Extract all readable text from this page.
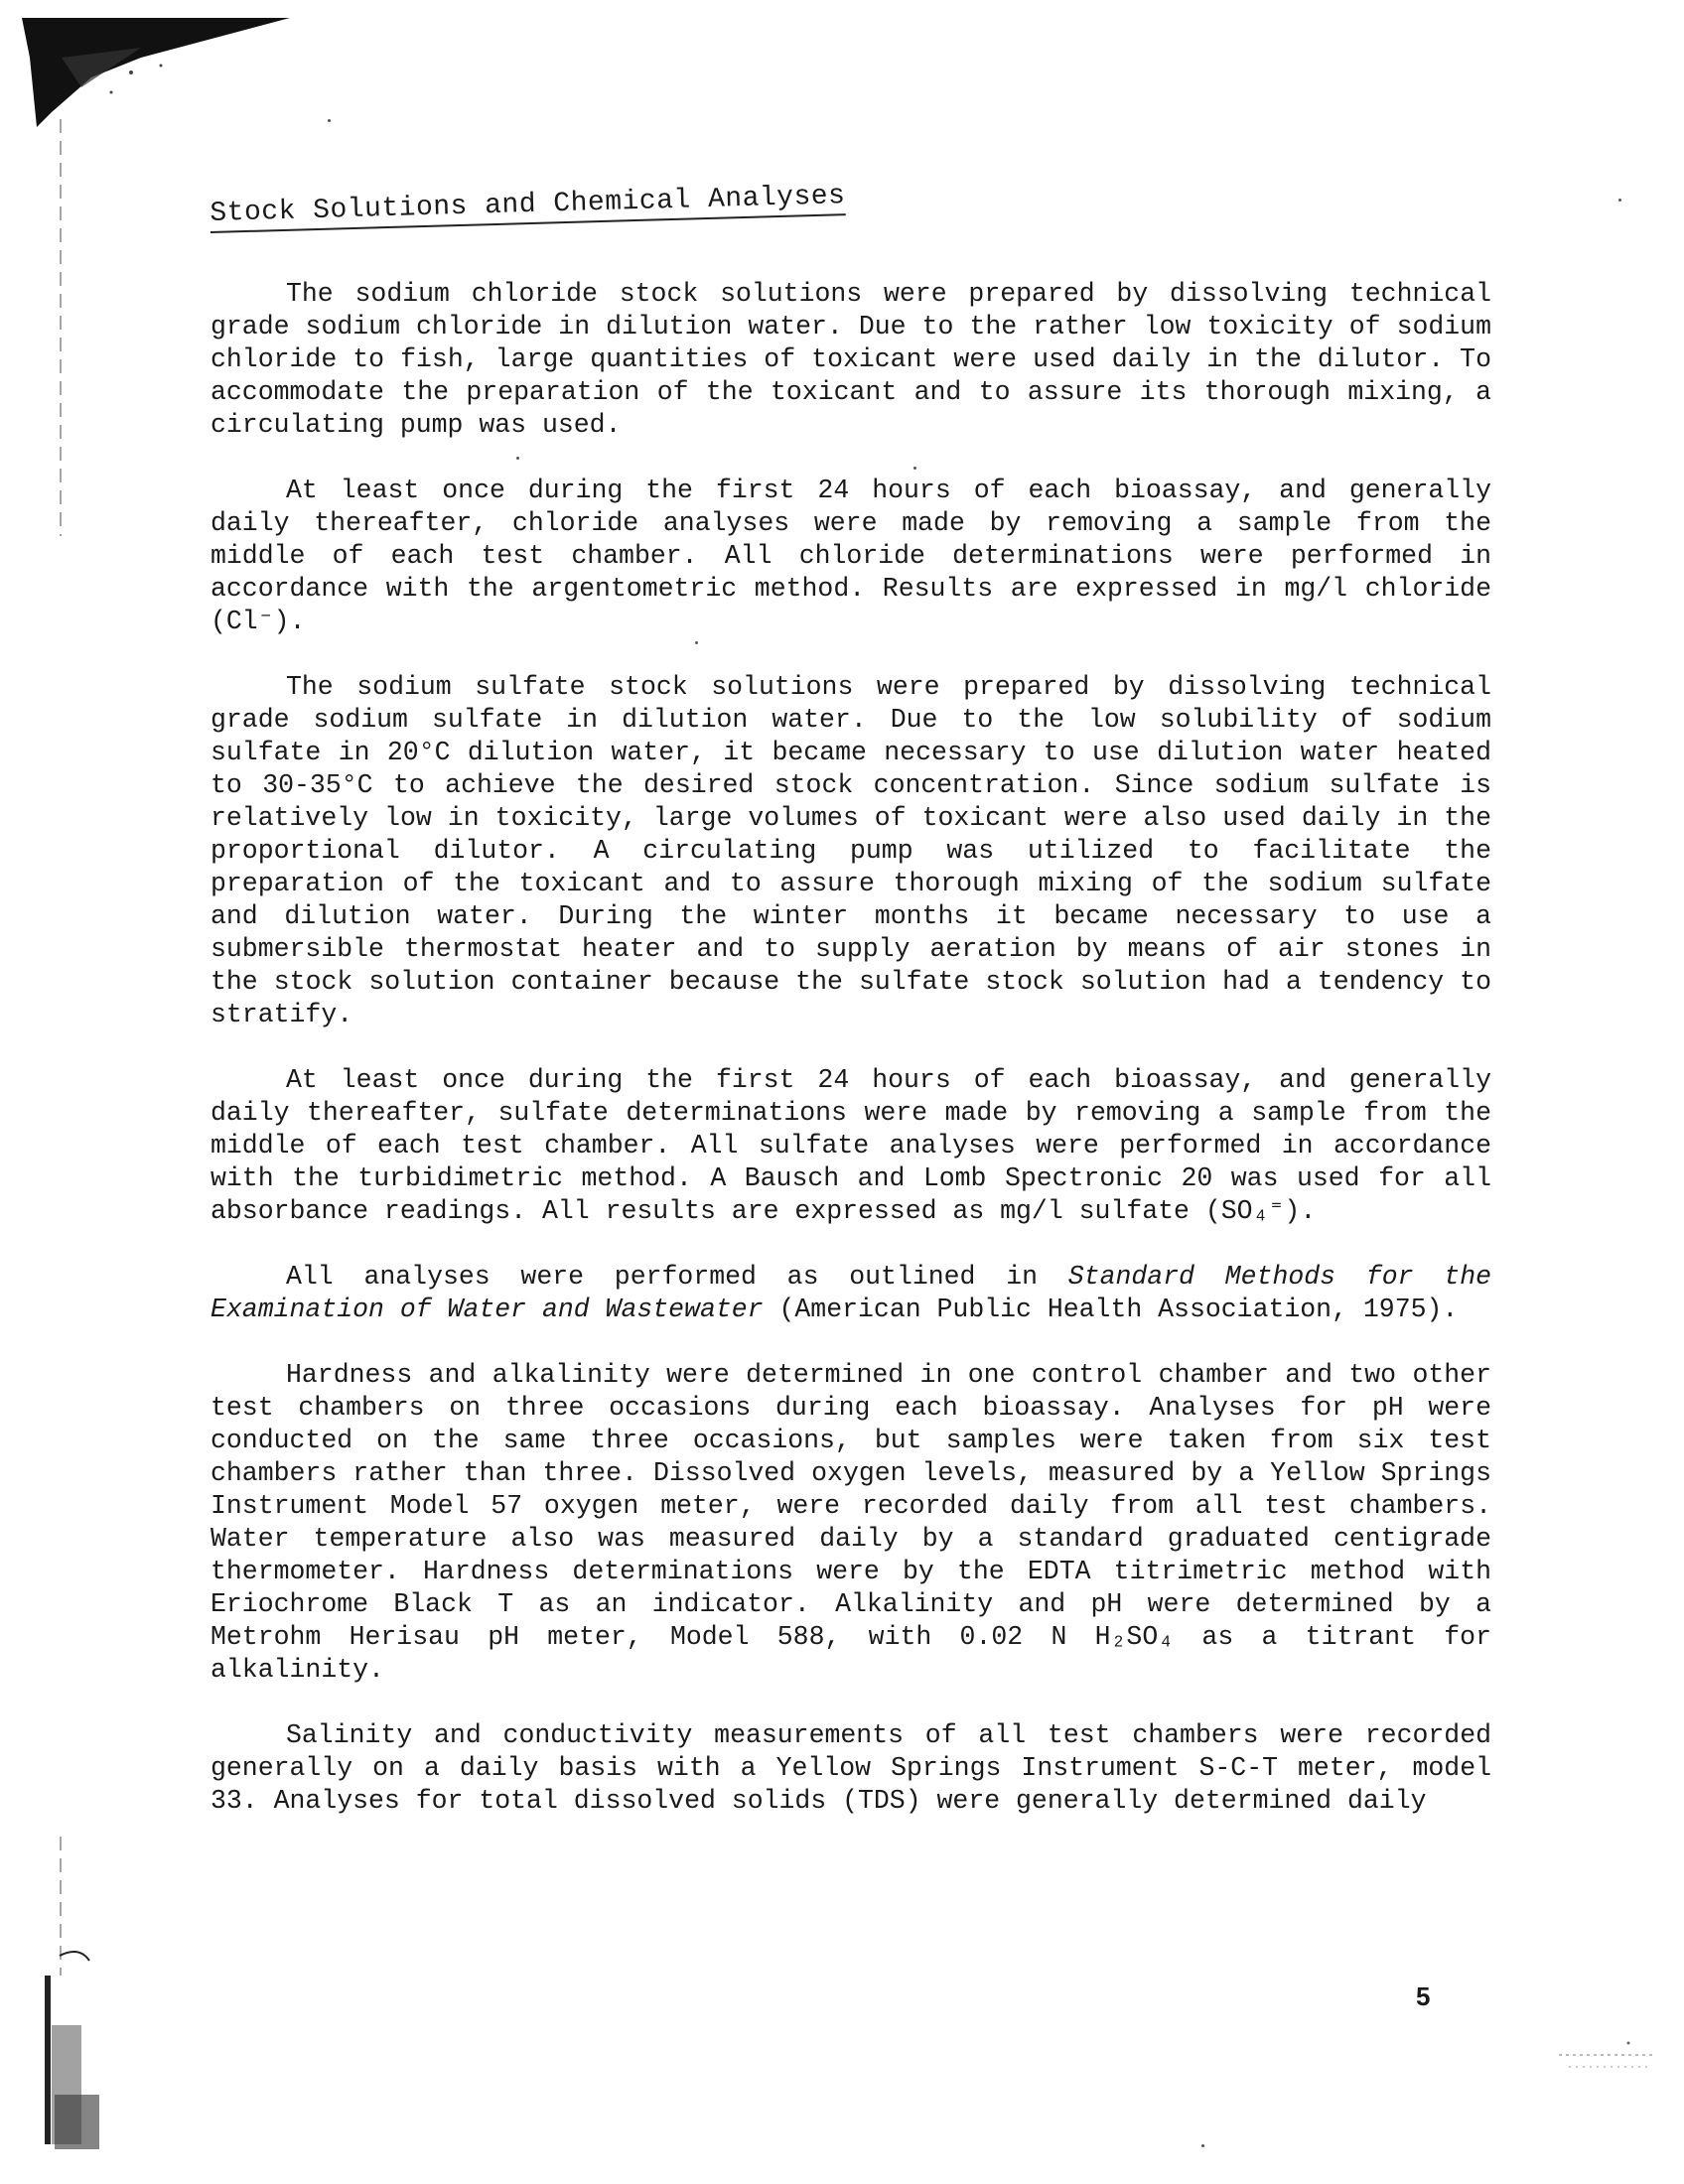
Stock Solutions and Chemical Analyses

The sodium chloride stock solutions were prepared by dissolving technical grade sodium chloride in dilution water. Due to the rather low toxicity of sodium chloride to fish, large quantities of toxicant were used daily in the dilutor. To accommodate the preparation of the toxicant and to assure its thorough mixing, a circulating pump was used.

At least once during the first 24 hours of each bioassay, and generally daily thereafter, chloride analyses were made by removing a sample from the middle of each test chamber. All chloride determinations were performed in accordance with the argentometric method. Results are expressed in mg/l chloride (Cl⁻).

The sodium sulfate stock solutions were prepared by dissolving technical grade sodium sulfate in dilution water. Due to the low solubility of sodium sulfate in 20°C dilution water, it became necessary to use dilution water heated to 30-35°C to achieve the desired stock concentration. Since sodium sulfate is relatively low in toxicity, large volumes of toxicant were also used daily in the proportional dilutor. A circulating pump was utilized to facilitate the preparation of the toxicant and to assure thorough mixing of the sodium sulfate and dilution water. During the winter months it became necessary to use a submersible thermostat heater and to supply aeration by means of air stones in the stock solution container because the sulfate stock solution had a tendency to stratify.

At least once during the first 24 hours of each bioassay, and generally daily thereafter, sulfate determinations were made by removing a sample from the middle of each test chamber. All sulfate analyses were performed in accordance with the turbidimetric method. A Bausch and Lomb Spectronic 20 was used for all absorbance readings. All results are expressed as mg/l sulfate (SO₄⁼).

All analyses were performed as outlined in Standard Methods for the Examination of Water and Wastewater (American Public Health Association, 1975).

Hardness and alkalinity were determined in one control chamber and two other test chambers on three occasions during each bioassay. Analyses for pH were conducted on the same three occasions, but samples were taken from six test chambers rather than three. Dissolved oxygen levels, measured by a Yellow Springs Instrument Model 57 oxygen meter, were recorded daily from all test chambers. Water temperature also was measured daily by a standard graduated centigrade thermometer. Hardness determinations were by the EDTA titrimetric method with Eriochrome Black T as an indicator. Alkalinity and pH were determined by a Metrohm Herisau pH meter, Model 588, with 0.02 N H₂SO₄ as a titrant for alkalinity.

Salinity and conductivity measurements of all test chambers were recorded generally on a daily basis with a Yellow Springs Instrument S-C-T meter, model 33. Analyses for total dissolved solids (TDS) were generally determined daily

5
